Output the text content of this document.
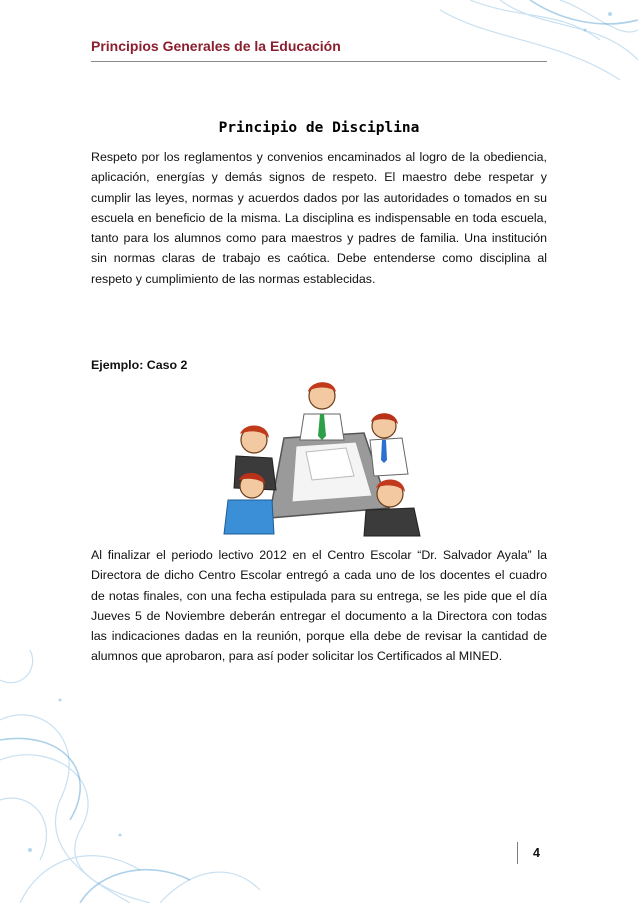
Principios Generales de la Educación
Principio de Disciplina

Respeto por los reglamentos y convenios encaminados al logro de la obediencia, aplicación, energías y demás signos de respeto. El maestro debe respetar y cumplir las leyes, normas y acuerdos dados por las autoridades o tomados en su escuela en beneficio de la misma. La disciplina es indispensable en toda escuela, tanto para los alumnos como para maestros y padres de familia. Una institución sin normas claras de trabajo es caótica. Debe entenderse como disciplina al respeto y cumplimiento de las normas establecidas.

Ejemplo: Caso 2

Al finalizar el periodo lectivo 2012 en el Centro Escolar “Dr. Salvador Ayala” la Directora de dicho Centro Escolar entregó a cada uno de los docentes el cuadro de notas finales, con una fecha estipulada para su entrega, se les pide que el día Jueves 5 de Noviembre deberán entregar el documento a la Directora con todas las indicaciones dadas en la reunión, porque ella debe de revisar la cantidad de alumnos que aprobaron, para así poder solicitar los Certificados al MINED.

4
